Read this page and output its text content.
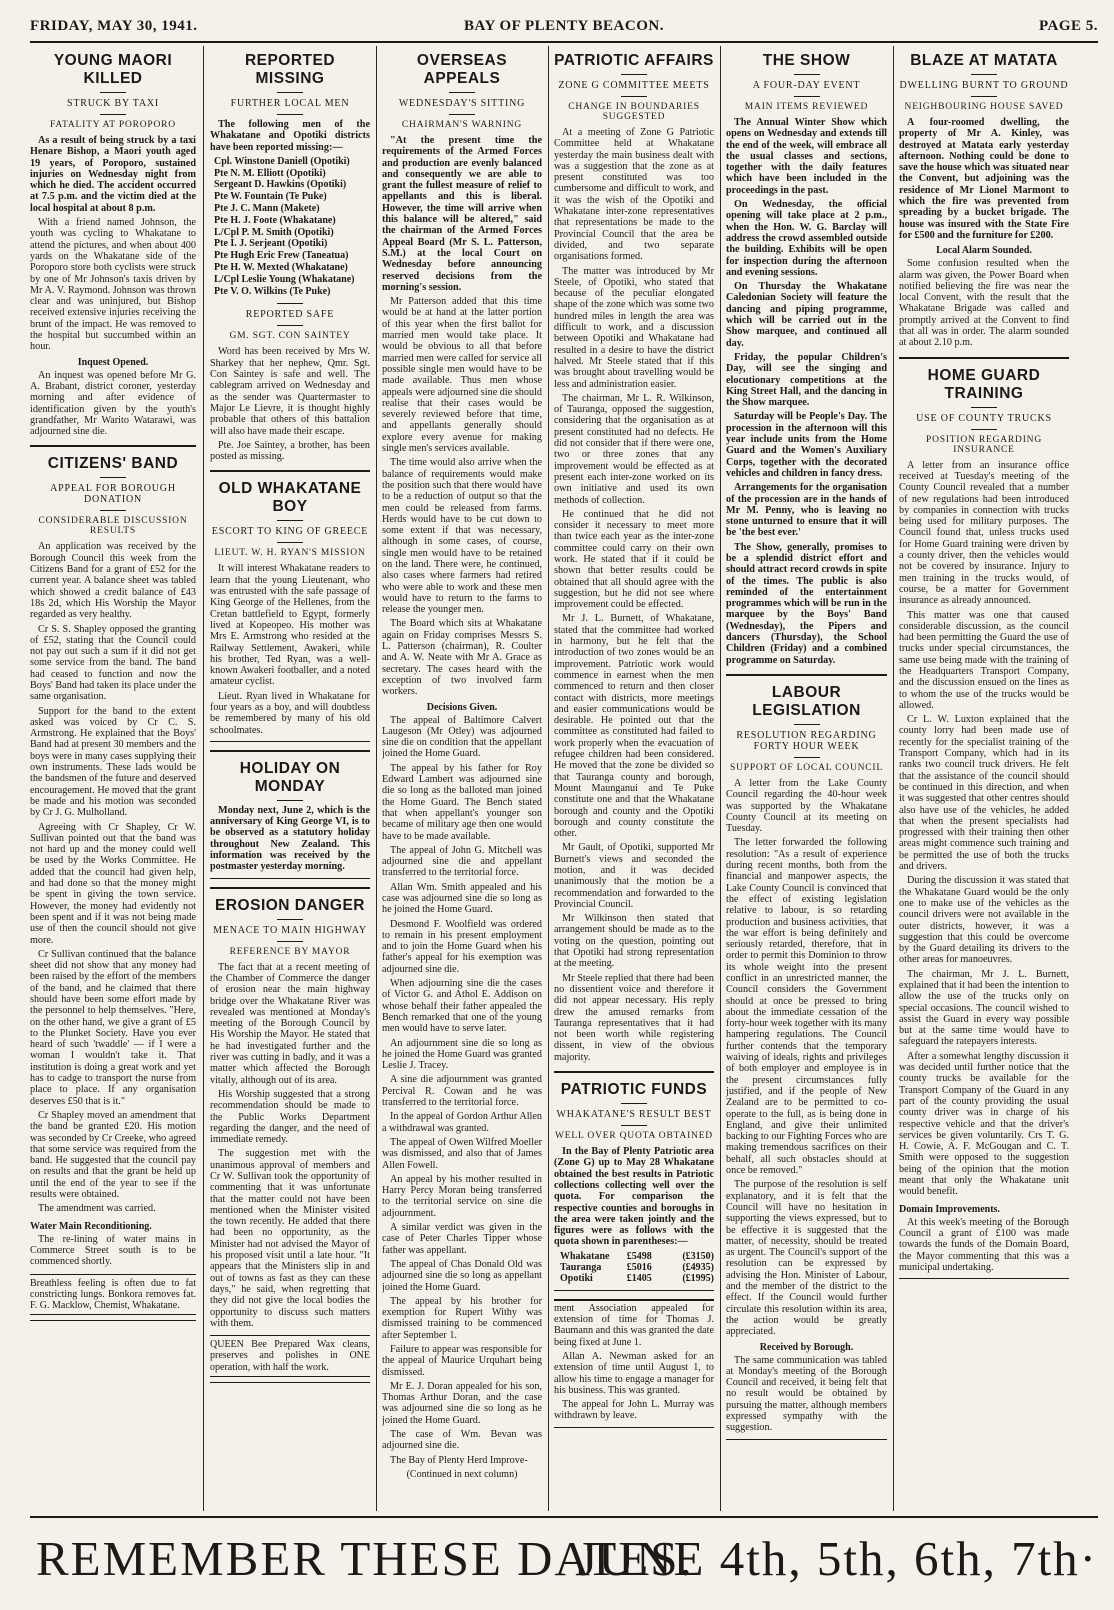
FRIDAY, MAY 30, 1941.	BAY OF PLENTY BEACON.	PAGE 5.
YOUNG MAORI KILLED
STRUCK BY TAXI
FATALITY AT POROPORO

As a result of being struck by a taxi Henare Bishop, a Maori youth aged 19 years, of Poroporo, sustained injuries on Wednesday night from which he died. The accident occurred at 7.5 p.m. and the victim died at the local hospital at about 8 p.m.

With a friend named Johnson, the youth was cycling to Whakatane to attend the pictures, and when about 400 yards on the Whakatane side of the Poroporo store both cyclists were struck by one of Mr Johnson's taxis driven by Mr A. V. Raymond. Johnson was thrown clear and was uninjured, but Bishop received extensive injuries receiving the brunt of the impact. He was removed to the hospital but succumbed within an hour.

Inquest Opened.

An inquest was opened before Mr G. A. Brabant, district coroner, yesterday morning and after evidence of identification given by the youth's grandfather, Mr Warito Watarawi, was adjourned sine die.

CITIZENS' BAND
APPEAL FOR BOROUGH DONATION
CONSIDERABLE DISCUSSION RESULTS

An application was received by the Borough Council this week from the Citizens Band for a grant of £52 for the current year. A balance sheet was tabled which showed a credit balance of £43 18s 2d, which His Worship the Mayor regarded as very healthy.

Cr S. S. Shapley opposed the granting of £52, stating that the Council could not pay out such a sum if it did not get some service from the band. The band had ceased to function and now the Boys' Band had taken its place under the same organisation.

Support for the band to the extent asked was voiced by Cr C. S. Armstrong. He explained that the Boys' Band had at present 30 members and the boys were in many cases supplying their own instruments. These lads would be the bandsmen of the future and deserved encouragement. He moved that the grant be made and his motion was seconded by Cr J. G. Mulholland.

Agreeing with Cr Shapley, Cr W. Sullivan pointed out that the band was not hard up and the money could well be used by the Works Committee. He added that the council had given help, and had done so that the money might be spent in giving the town service. However, the money had evidently not been spent and if it was not being made use of then the council should not give more.

Cr Sullivan continued that the balance sheet did not show that any money had been raised by the effort of the members of the band, and he claimed that there should have been some effort made by the personnel to help themselves. "Here, on the other hand, we give a grant of £5 to the Plunket Society. Have you ever heard of such 'twaddle' — if I were a woman I wouldn't take it. That institution is doing a great work and yet has to cadge to transport the nurse from place to place. If any organisation deserves £50 that is it."

Cr Shapley moved an amendment that the band be granted £20. His motion was seconded by Cr Creeke, who agreed that some service was required from the band. He suggested that the council pay on results and that the grant be held up until the end of the year to see if the results were obtained.

The amendment was carried.

Water Main Reconditioning.

The re-lining of water mains in Commerce Street south is to be commenced shortly.

Breathless feeling is often due to fat constricting lungs. Bonkora removes fat. F. G. Macklow, Chemist, Whakatane.

REPORTED MISSING
FURTHER LOCAL MEN

The following men of the Whakatane and Opotiki districts have been reported missing:—

Cpl. Winstone Daniell (Opotiki)
Pte N. M. Elliott (Opotiki)
Sergeant D. Hawkins (Opotiki)
Pte W. Fountain (Te Puke)
Pte J. C. Mann (Makete)
Pte H. J. Foote (Whakatane)
L/Cpl P. M. Smith (Opotiki)
Pte I. J. Serjeant (Opotiki)
Pte Hugh Eric Frew (Taneatua)
Pte H. W. Mexted (Whakatane)
L/Cpl Leslie Young (Whakatane)
Pte V. O. Wilkins (Te Puke)
REPORTED SAFE
GM. SGT. CON SAINTEY

Word has been received by Mrs W. Sharkey that her nephew, Qmr. Sgt. Con Saintey is safe and well. The cablegram arrived on Wednesday and as the sender was Quartermaster to Major Le Lievre, it is thought highly probable that others of this battalion will also have made their escape.

Pte. Joe Saintey, a brother, has been posted as missing.

OLD WHAKATANE BOY
ESCORT TO KING OF GREECE
LIEUT. W. H. RYAN'S MISSION

It will interest Whakatane readers to learn that the young Lieutenant, who was entrusted with the safe passage of King George of the Hellenes, from the Cretan battlefield to Egypt, formerly lived at Kopeopeo. His mother was Mrs E. Armstrong who resided at the Railway Settlement, Awakeri, while his brother, Ted Ryan, was a well-known Awakeri footballer, and a noted amateur cyclist.

Lieut. Ryan lived in Whakatane for four years as a boy, and will doubtless be remembered by many of his old schoolmates.

HOLIDAY ON MONDAY

Monday next, June 2, which is the anniversary of King George VI, is to be observed as a statutory holiday throughout New Zealand. This information was received by the postmaster yesterday morning.

EROSION DANGER
MENACE TO MAIN HIGHWAY
REFERENCE BY MAYOR

The fact that at a recent meeting of the Chamber of Commerce the danger of erosion near the main highway bridge over the Whakatane River was revealed was mentioned at Monday's meeting of the Borough Council by His Worship the Mayor. He stated that he had investigated further and the river was cutting in badly, and it was a matter which affected the Borough vitally, although out of its area.

His Worship suggested that a strong recommendation should be made to the Public Works Department regarding the danger, and the need of immediate remedy.

The suggestion met with the unanimous approval of members and Cr W. Sullivan took the opportunity of commenting that it was unfortunate that the matter could not have been mentioned when the Minister visited the town recently. He added that there had been no opportunity, as the Minister had not advised the Mayor of his proposed visit until a late hour. "It appears that the Ministers slip in and out of towns as fast as they can these days," he said, when regretting that they did not give the local bodies the opportunity to discuss such matters with them.

QUEEN Bee Prepared Wax cleans, preserves and polishes in ONE operation, with half the work.

OVERSEAS APPEALS
WEDNESDAY'S SITTING
CHAIRMAN'S WARNING

"At the present time the requirements of the Armed Forces and production are evenly balanced and consequently we are able to grant the fullest measure of relief to appellants and this is liberal. However, the time will arrive when this balance will be altered," said the chairman of the Armed Forces Appeal Board (Mr S. L. Patterson, S.M.) at the local Court on Wednesday before announcing reserved decisions from the morning's session.

Mr Patterson added that this time would be at hand at the latter portion of this year when the first ballot for married men would take place. It would be obvious to all that before married men were called for service all possible single men would have to be made available. Thus men whose appeals were adjourned sine die should realise that their cases would be severely reviewed before that time, and appellants generally should explore every avenue for making single men's services available.

The time would also arrive when the balance of requirements would make the position such that there would have to be a reduction of output so that the men could be released from farms. Herds would have to be cut down to some extent if that was necessary, although in some cases, of course, single men would have to be retained on the land. There were, he continued, also cases where farmers had retired who were able to work and these men would have to return to the farms to release the younger men.

The Board which sits at Whakatane again on Friday comprises Messrs S. L. Patterson (chairman), R. Coulter and A. W. Neate with Mr A. Grace as secretary. The cases heard with the exception of two involved farm workers.

Decisions Given.

The appeal of Baltimore Calvert Laugeson (Mr Otley) was adjourned sine die on condition that the appellant joined the Home Guard.

The appeal by his father for Roy Edward Lambert was adjourned sine die so long as the balloted man joined the Home Guard. The Bench stated that when appellant's younger son became of military age then one would have to be made available.

The appeal of John G. Mitchell was adjourned sine die and appellant transferred to the territorial force.

Allan Wm. Smith appealed and his case was adjourned sine die so long as he joined the Home Guard.

Desmond F. Woolfield was ordered to remain in his present employment and to join the Home Guard when his father's appeal for his exemption was adjourned sine die.

When adjourning sine die the cases of Victor G. and Athol E. Addison on whose behalf their father appealed the Bench remarked that one of the young men would have to serve later.

An adjournment sine die so long as he joined the Home Guard was granted Leslie J. Tracey.

A sine die adjournment was granted Percival R. Cowan and he was transferred to the territorial force.

In the appeal of Gordon Arthur Allen a withdrawal was granted.

The appeal of Owen Wilfred Moeller was dismissed, and also that of James Allen Fowell.

An appeal by his mother resulted in Harry Percy Moran being transferred to the territorial service on sine die adjournment.

A similar verdict was given in the case of Peter Charles Tipper whose father was appellant.

The appeal of Chas Donald Old was adjourned sine die so long as appellant joined the Home Guard.

The appeal by his brother for exemption for Rupert Withy was dismissed training to be commenced after September 1.

Failure to appear was responsible for the appeal of Maurice Urquhart being dismissed.

Mr E. J. Doran appealed for his son, Thomas Arthur Doran, and the case was adjourned sine die so long as he joined the Home Guard.

The case of Wm. Bevan was adjourned sine die.

The Bay of Plenty Herd Improve-

(Continued in next column)
PATRIOTIC AFFAIRS
ZONE G COMMITTEE MEETS
CHANGE IN BOUNDARIES SUGGESTED

At a meeting of Zone G Patriotic Committee held at Whakatane yesterday the main business dealt with was a suggestion that the zone as at present constituted was too cumbersome and difficult to work, and it was the wish of the Opotiki and Whakatane inter-zone representatives that representations be made to the Provincial Council that the area be divided, and two separate organisations formed.

The matter was introduced by Mr Steele, of Opotiki, who stated that because of the peculiar elongated shape of the zone which was some two hundred miles in length the area was difficult to work, and a discussion between Opotiki and Whakatane had resulted in a desire to have the district halved. Mr Steele stated that if this was brought about travelling would be less and administration easier.

The chairman, Mr L. R. Wilkinson, of Tauranga, opposed the suggestion, considering that the organisation as at present constituted had no defects. He did not consider that if there were one, two or three zones that any improvement would be effected as at present each inter-zone worked on its own initiative and used its own methods of collection.

He continued that he did not consider it necessary to meet more than twice each year as the inter-zone committee could carry on their own work. He stated that if it could be shown that better results could be obtained that all should agree with the suggestion, but he did not see where improvement could be effected.

Mr J. L. Burnett, of Whakatane, stated that the committee had worked in harmony, but he felt that the introduction of two zones would be an improvement. Patriotic work would commence in earnest when the men commenced to return and then closer contact with districts, more meetings and easier communications would be desirable. He pointed out that the committee as constituted had failed to work properly when the evacuation of refugee children had been considered. He moved that the zone be divided so that Tauranga county and borough, Mount Maunganui and Te Puke constitute one and that the Whakatane borough and county and the Opotiki borough and county constitute the other.

Mr Gault, of Opotiki, supported Mr Burnett's views and seconded the motion, and it was decided unanimously that the motion be a recommendation and forwarded to the Provincial Council.

Mr Wilkinson then stated that arrangement should be made as to the voting on the question, pointing out that Opotiki had strong representation at the meeting.

Mr Steele replied that there had been no dissentient voice and therefore it did not appear necessary. His reply drew the amused remarks from Tauranga representatives that it had not been worth while registering dissent, in view of the obvious majority.

PATRIOTIC FUNDS
WHAKATANE'S RESULT BEST
WELL OVER QUOTA OBTAINED

In the Bay of Plenty Patriotic area (Zone G) up to May 28 Whakatane obtained the best results in Patriotic collections collecting well over the quota. For comparison the respective counties and boroughs in the area were taken jointly and the figures were as follows with the quota shown in parentheses:—

Whakatane	£5498	(£3150)
Tauranga	£5016	(£4935)
Opotiki	£1405	(£1995)

ment Association appealed for extension of time for Thomas J. Baumann and this was granted the date being fixed at June 1.

Allan A. Newman asked for an extension of time until August 1, to allow his time to engage a manager for his business. This was granted.

The appeal for John L. Murray was withdrawn by leave.

THE SHOW
A FOUR-DAY EVENT
MAIN ITEMS REVIEWED

The Annual Winter Show which opens on Wednesday and extends till the end of the week, will embrace all the usual classes and sections, together with the daily features which have been included in the proceedings in the past.

On Wednesday, the official opening will take place at 2 p.m., when the Hon. W. G. Barclay will address the crowd assembled outside the building. Exhibits will be open for inspection during the afternoon and evening sessions.

On Thursday the Whakatane Caledonian Society will feature the dancing and piping programme, which will be carried out in the Show marquee, and continued all day.

Friday, the popular Children's Day, will see the singing and elocutionary competitions at the King Street Hall, and the dancing in the Show marquee.

Saturday will be People's Day. The procession in the afternoon will this year include units from the Home Guard and the Women's Auxiliary Corps, together with the decorated vehicles and children in fancy dress.

Arrangements for the organisation of the procession are in the hands of Mr M. Penny, who is leaving no stone unturned to ensure that it will be 'the best ever.'

The Show, generally, promises to be a splendid district effort and should attract record crowds in spite of the times. The public is also reminded of the entertainment programmes which will be run in the marquee by the Boys' Band (Wednesday), the Pipers and dancers (Thursday), the School Children (Friday) and a combined programme on Saturday.

LABOUR LEGISLATION
RESOLUTION REGARDING FORTY HOUR WEEK
SUPPORT OF LOCAL COUNCIL

A letter from the Lake County Council regarding the 40-hour week was supported by the Whakatane County Council at its meeting on Tuesday.

The letter forwarded the following resolution: "As a result of experience during recent months, both from the financial and manpower aspects, the Lake County Council is convinced that the effect of existing legislation relative to labour, is so retarding production and business activities, that the war effort is being definitely and seriously retarded, therefore, that in order to permit this Dominion to throw its whole weight into the present conflict in an unrestricted manner, the Council considers the Government should at once be pressed to bring about the immediate cessation of the forty-hour week together with its many hampering regulations. The Council further contends that the temporary waiving of ideals, rights and privileges of both employer and employee is in the present circumstances fully justified, and if the people of New Zealand are to be permitted to co-operate to the full, as is being done in England, and give their unlimited backing to our Fighting Forces who are making tremendous sacrifices on their behalf, all such obstacles should at once be removed."

The purpose of the resolution is self explanatory, and it is felt that the Council will have no hesitation in supporting the views expressed, but to be effective it is suggested that the matter, of necessity, should be treated as urgent. The Council's support of the resolution can be expressed by advising the Hon. Minister of Labour, and the member of the district to the effect. If the Council would further circulate this resolution within its area, the action would be greatly appreciated.

Received by Borough.

The same communication was tabled at Monday's meeting of the Borough Council and received, it being felt that no result would be obtained by pursuing the matter, although members expressed sympathy with the suggestion.

BLAZE AT MATATA
DWELLING BURNT TO GROUND
NEIGHBOURING HOUSE SAVED

A four-roomed dwelling, the property of Mr A. Kinley, was destroyed at Matata early yesterday afternoon. Nothing could be done to save the house which was situated near the Convent, but adjoining was the residence of Mr Lionel Marmont to which the fire was prevented from spreading by a bucket brigade. The house was insured with the State Fire for £500 and the furniture for £200.

Local Alarm Sounded.

Some confusion resulted when the alarm was given, the Power Board when notified believing the fire was near the local Convent, with the result that the Whakatane Brigade was called and promptly arrived at the Convent to find that all was in order. The alarm sounded at about 2.10 p.m.

HOME GUARD TRAINING
USE OF COUNTY TRUCKS
POSITION REGARDING INSURANCE

A letter from an insurance office received at Tuesday's meeting of the County Council revealed that a number of new regulations had been introduced by companies in connection with trucks being used for military purposes. The Council found that, unless trucks used for Home Guard training were driven by a county driver, then the vehicles would not be covered by insurance. Injury to men training in the trucks would, of course, be a matter for Government insurance as already announced.

This matter was one that caused considerable discussion, as the council had been permitting the Guard the use of trucks under special circumstances, the same use being made with the training of the Headquarters Transport Company, and the discussion ensued on the lines as to whom the use of the trucks would be allowed.

Cr L. W. Luxton explained that the county lorry had been made use of recently for the specialist training of the Transport Company, which had in its ranks two council truck drivers. He felt that the assistance of the council should be continued in this direction, and when it was suggested that other centres should also have use of the vehicles, he added that when the present specialists had progressed with their training then other areas might commence such training and be permitted the use of both the trucks and drivers.

During the discussion it was stated that the Whakatane Guard would be the only one to make use of the vehicles as the council drivers were not available in the outer districts, however, it was a suggestion that this could be overcome by the Guard detailing its drivers to the other areas for manoeuvres.

The chairman, Mr J. L. Burnett, explained that it had been the intention to allow the use of the trucks only on special occasions. The council wished to assist the Guard in every way possible but at the same time would have to safeguard the ratepayers interests.

After a somewhat lengthy discussion it was decided until further notice that the county trucks be available for the Transport Company of the Guard in any part of the county providing the usual county driver was in charge of his respective vehicle and that the driver's services be given voluntarily. Crs T. G. H. Cowie, A. F. McGougan and C. T. Smith were opposed to the suggestion being of the opinion that the motion meant that only the Whakatane unit would benefit.

Domain Improvements.

At this week's meeting of the Borough Council a grant of £100 was made towards the funds of the Domain Board, the Mayor commenting that this was a municipal undertaking.

REMEMBER THESE DATES.
JUNE 4th, 5th, 6th, 7th·
